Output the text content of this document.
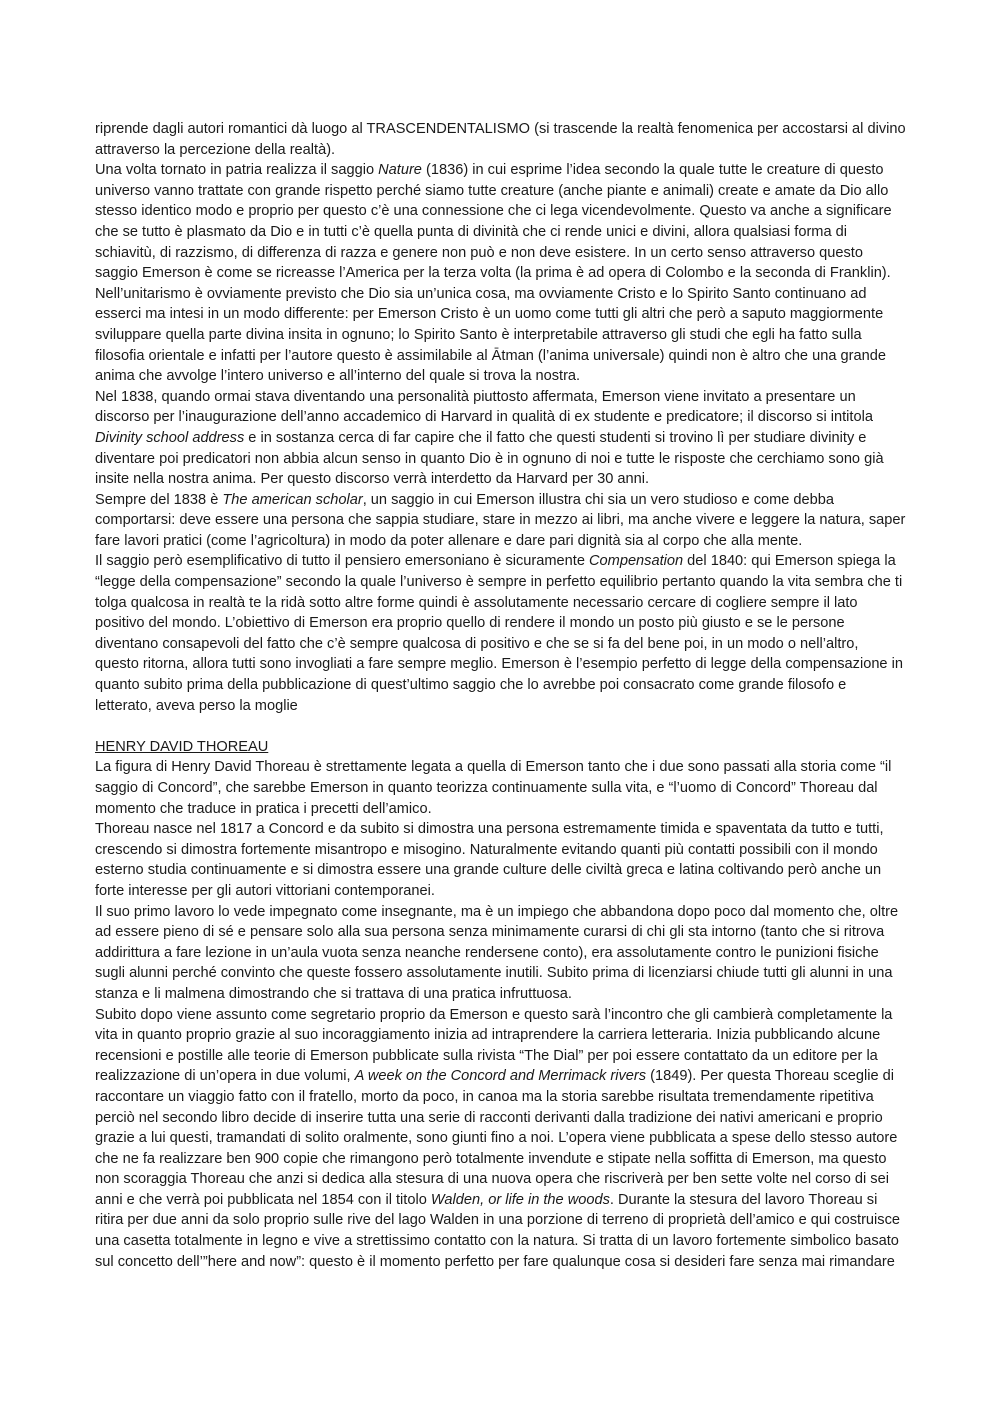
riprende dagli autori romantici dà luogo al TRASCENDENTALISMO (si trascende la realtà fenomenica per accostarsi al divino attraverso la percezione della realtà).

Una volta tornato in patria realizza il saggio Nature (1836) in cui esprime l’idea secondo la quale tutte le creature di questo universo vanno trattate con grande rispetto perché siamo tutte creature (anche piante e animali) create e amate da Dio allo stesso identico modo e proprio per questo c’è una connessione che ci lega vicendevolmente. Questo va anche a significare che se tutto è plasmato da Dio e in tutti c’è quella punta di divinità che ci rende unici e divini, allora qualsiasi forma di schiavitù, di razzismo, di differenza di razza e genere non può e non deve esistere. In un certo senso attraverso questo saggio Emerson è come se ricreasse l’America per la terza volta (la prima è ad opera di Colombo e la seconda di Franklin).

Nell’unitarismo è ovviamente previsto che Dio sia un’unica cosa, ma ovviamente Cristo e lo Spirito Santo continuano ad esserci ma intesi in un modo differente: per Emerson Cristo è un uomo come tutti gli altri che però a saputo maggiormente sviluppare quella parte divina insita in ognuno; lo Spirito Santo è interpretabile attraverso gli studi che egli ha fatto sulla filosofia orientale e infatti per l’autore questo è assimilabile al Ātman (l’anima universale) quindi non è altro che una grande anima che avvolge l’intero universo e all’interno del quale si trova la nostra.

Nel 1838, quando ormai stava diventando una personalità piuttosto affermata, Emerson viene invitato a presentare un discorso per l’inaugurazione dell’anno accademico di Harvard in qualità di ex studente e predicatore; il discorso si intitola Divinity school address e in sostanza cerca di far capire che il fatto che questi studenti si trovino lì per studiare divinity e diventare poi predicatori non abbia alcun senso in quanto Dio è in ognuno di noi e tutte le risposte che cerchiamo sono già insite nella nostra anima. Per questo discorso verrà interdetto da Harvard per 30 anni.

Sempre del 1838 è The american scholar, un saggio in cui Emerson illustra chi sia un vero studioso e come debba comportarsi: deve essere una persona che sappia studiare, stare in mezzo ai libri, ma anche vivere e leggere la natura, saper fare lavori pratici (come l’agricoltura) in modo da poter allenare e dare pari dignità sia al corpo che alla mente.

Il saggio però esemplificativo di tutto il pensiero emersoniano è sicuramente Compensation del 1840: qui Emerson spiega la “legge della compensazione” secondo la quale l’universo è sempre in perfetto equilibrio pertanto quando la vita sembra che ti tolga qualcosa in realtà te la ridà sotto altre forme quindi è assolutamente necessario cercare di cogliere sempre il lato positivo del mondo. L’obiettivo di Emerson era proprio quello di rendere il mondo un posto più giusto e se le persone diventano consapevoli del fatto che c’è sempre qualcosa di positivo e che se si fa del bene poi, in un modo o nell’altro, questo ritorna, allora tutti sono invogliati a fare sempre meglio. Emerson è l’esempio perfetto di legge della compensazione in quanto subito prima della pubblicazione di quest’ultimo saggio che lo avrebbe poi consacrato come grande filosofo e letterato, aveva perso la moglie

HENRY DAVID THOREAU

La figura di Henry David Thoreau è strettamente legata a quella di Emerson tanto che i due sono passati alla storia come “il saggio di Concord”, che sarebbe Emerson in quanto teorizza continuamente sulla vita, e “l’uomo di Concord” Thoreau dal momento che traduce in pratica i precetti dell’amico.

Thoreau nasce nel 1817 a Concord e da subito si dimostra una persona estremamente timida e spaventata da tutto e tutti, crescendo si dimostra fortemente misantropo e misogino. Naturalmente evitando quanti più contatti possibili con il mondo esterno studia continuamente e si dimostra essere una grande culture delle civiltà greca e latina coltivando però anche un forte interesse per gli autori vittoriani contemporanei.

Il suo primo lavoro lo vede impegnato come insegnante, ma è un impiego che abbandona dopo poco dal momento che, oltre ad essere pieno di sé e pensare solo alla sua persona senza minimamente curarsi di chi gli sta intorno (tanto che si ritrova addirittura a fare lezione in un’aula vuota senza neanche rendersene conto), era assolutamente contro le punizioni fisiche sugli alunni perché convinto che queste fossero assolutamente inutili. Subito prima di licenziarsi chiude tutti gli alunni in una stanza e li malmena dimostrando che si trattava di una pratica infruttuosa.

Subito dopo viene assunto come segretario proprio da Emerson e questo sarà l’incontro che gli cambierà completamente la vita in quanto proprio grazie al suo incoraggiamento inizia ad intraprendere la carriera letteraria. Inizia pubblicando alcune recensioni e postille alle teorie di Emerson pubblicate sulla rivista “The Dial” per poi essere contattato da un editore per la realizzazione di un’opera in due volumi, A week on the Concord and Merrimack rivers (1849). Per questa Thoreau sceglie di raccontare un viaggio fatto con il fratello, morto da poco, in canoa ma la storia sarebbe risultata tremendamente ripetitiva perciò nel secondo libro decide di inserire tutta una serie di racconti derivanti dalla tradizione dei nativi americani e proprio grazie a lui questi, tramandati di solito oralmente, sono giunti fino a noi. L’opera viene pubblicata a spese dello stesso autore che ne fa realizzare ben 900 copie che rimangono però totalmente invendute e stipate nella soffitta di Emerson, ma questo non scoraggia Thoreau che anzi si dedica alla stesura di una nuova opera che riscriverà per ben sette volte nel corso di sei anni e che verrà poi pubblicata nel 1854 con il titolo Walden, or life in the woods. Durante la stesura del lavoro Thoreau si ritira per due anni da solo proprio sulle rive del lago Walden in una porzione di terreno di proprietà dell’amico e qui costruisce una casetta totalmente in legno e vive a strettissimo contatto con la natura. Si tratta di un lavoro fortemente simbolico basato sul concetto dell’”here and now”: questo è il momento perfetto per fare qualunque cosa si desideri fare senza mai rimandare
